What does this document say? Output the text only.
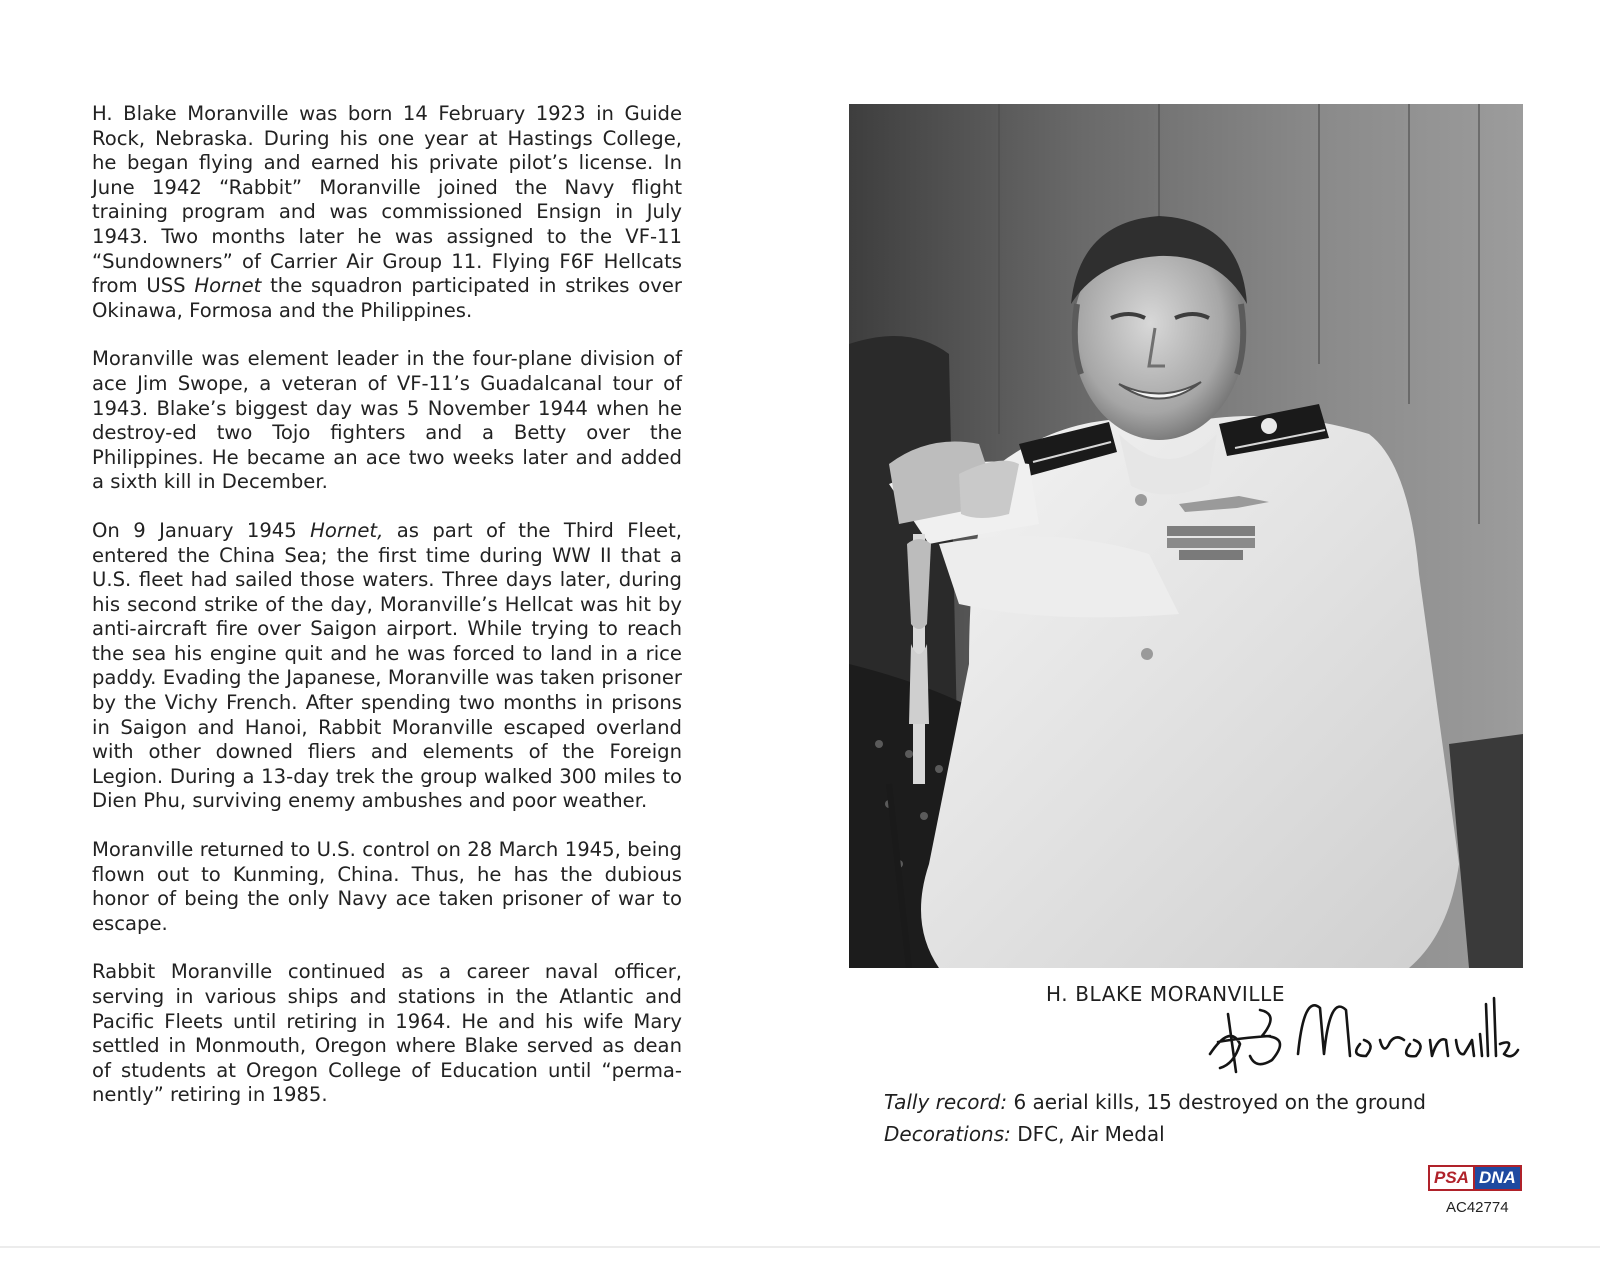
H. Blake Moranville was born 14 February 1923 in Guide Rock, Nebraska. During his one year at Hastings College, he began flying and earned his private pilot’s license. In June 1942 “Rabbit” Moranville joined the Navy flight training program and was commissioned Ensign in July 1943. Two months later he was assigned to the VF-11 “Sundowners” of Carrier Air Group 11. Flying F6F Hellcats from USS Hornet the squadron participated in strikes over Okinawa, Formosa and the Philippines.

Moranville was element leader in the four-plane division of ace Jim Swope, a veteran of VF-11’s Guadalcanal tour of 1943. Blake’s biggest day was 5 November 1944 when he destroy-ed two Tojo fighters and a Betty over the Philippines. He became an ace two weeks later and added a sixth kill in December.

On 9 January 1945 Hornet, as part of the Third Fleet, entered the China Sea; the first time during WW II that a U.S. fleet had sailed those waters. Three days later, during his second strike of the day, Moranville’s Hellcat was hit by anti-aircraft fire over Saigon airport. While trying to reach the sea his engine quit and he was forced to land in a rice paddy. Evading the Japanese, Moranville was taken prisoner by the Vichy French. After spending two months in prisons in Saigon and Hanoi, Rabbit Moranville escaped overland with other downed fliers and elements of the Foreign Legion. During a 13-day trek the group walked 300 miles to Dien Phu, surviving enemy ambushes and poor weather.

Moranville returned to U.S. control on 28 March 1945, being flown out to Kunming, China. Thus, he has the dubious honor of being the only Navy ace taken prisoner of war to escape.

Rabbit Moranville continued as a career naval officer, serving in various ships and stations in the Atlantic and Pacific Fleets until retiring in 1964. He and his wife Mary settled in Monmouth, Oregon where Blake served as dean of students at Oregon College of Education until “perma-nently” retiring in 1985.

H. BLAKE MORANVILLE
Tally record: 6 aerial kills, 15 destroyed on the ground
Decorations: DFC, Air Medal
PSA DNA
AC42774
